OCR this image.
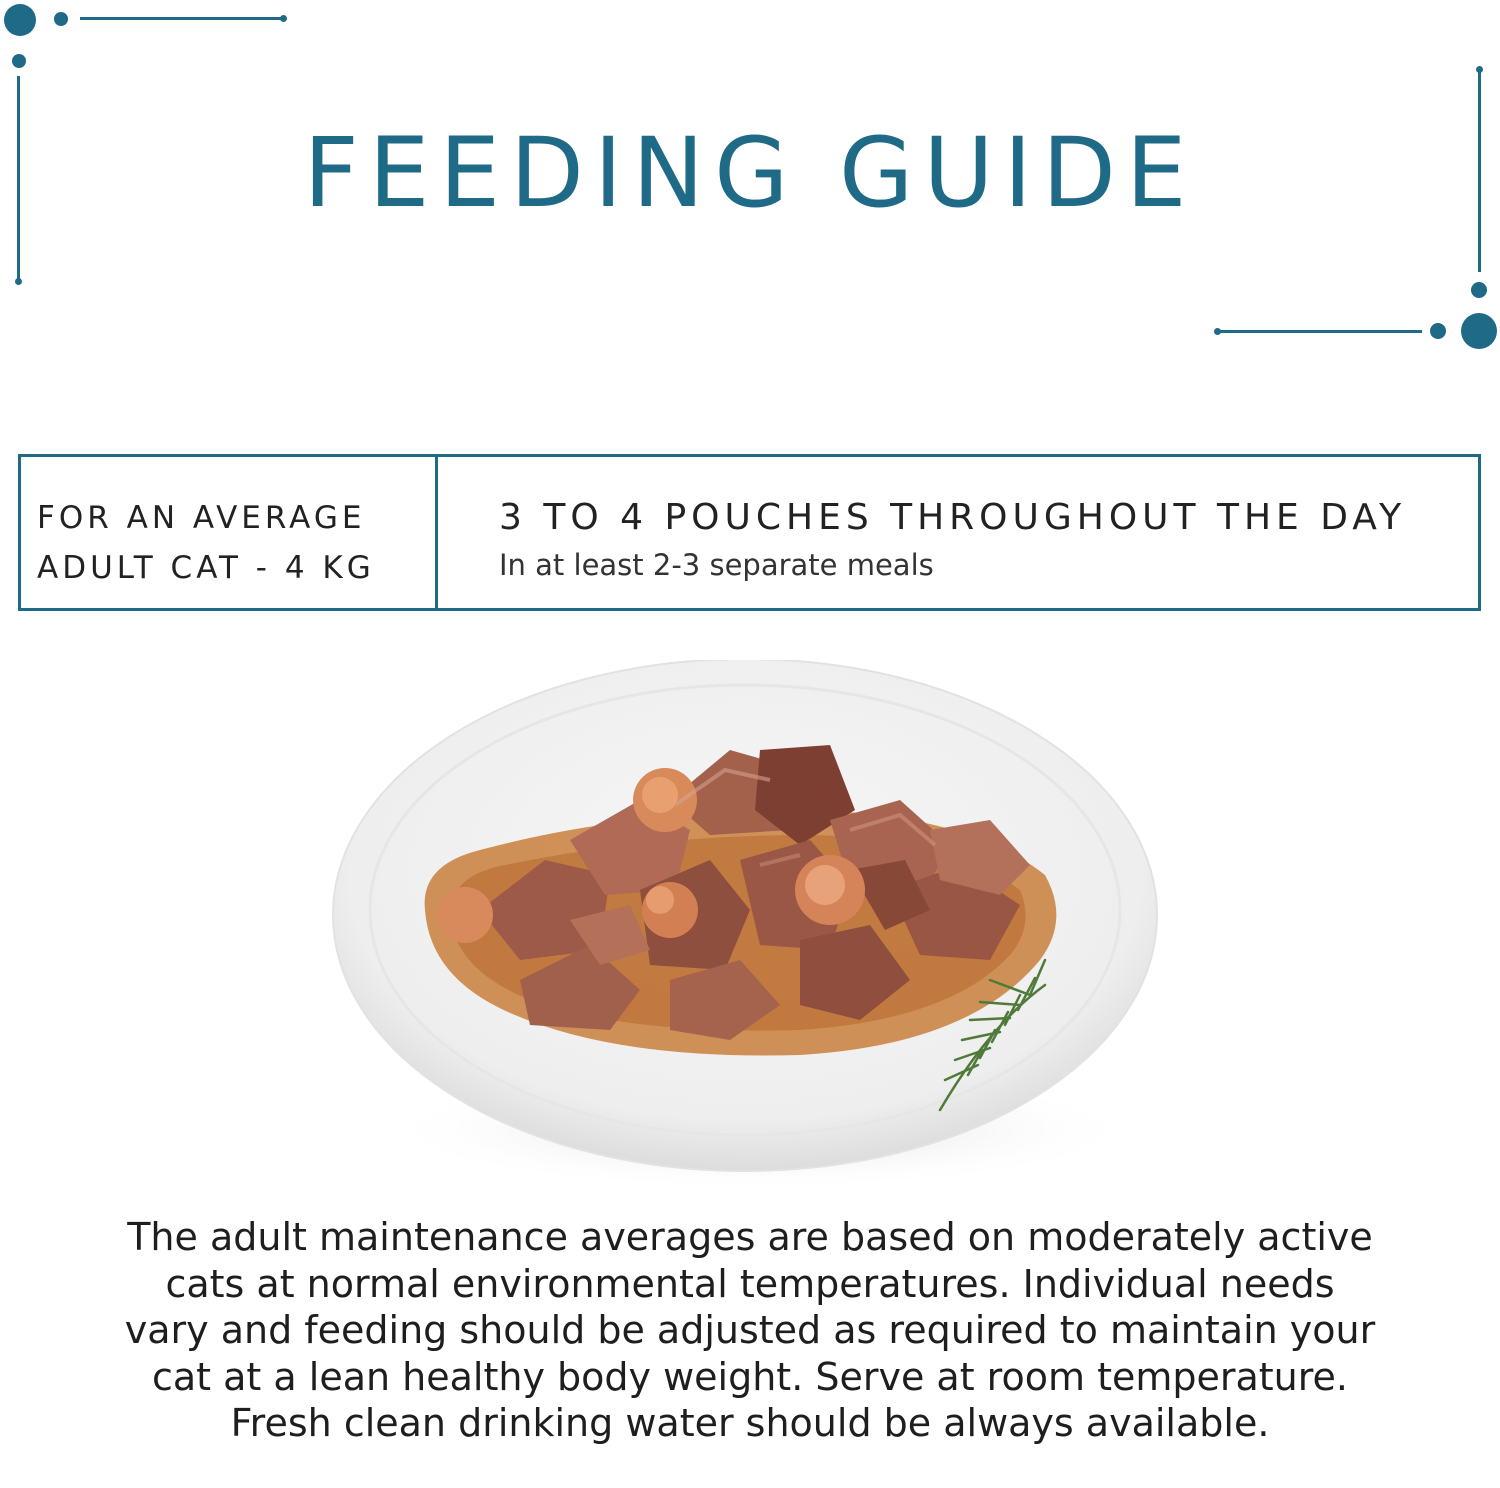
FEEDING GUIDE
FOR AN AVERAGE
ADULT CAT - 4 KG
3 TO 4 POUCHES THROUGHOUT THE DAY
In at least 2-3 separate meals
The adult maintenance averages are based on moderately active cats at normal environmental temperatures. Individual needs vary and feeding should be adjusted as required to maintain your cat at a lean healthy body weight. Serve at room temperature. Fresh clean drinking water should be always available.
